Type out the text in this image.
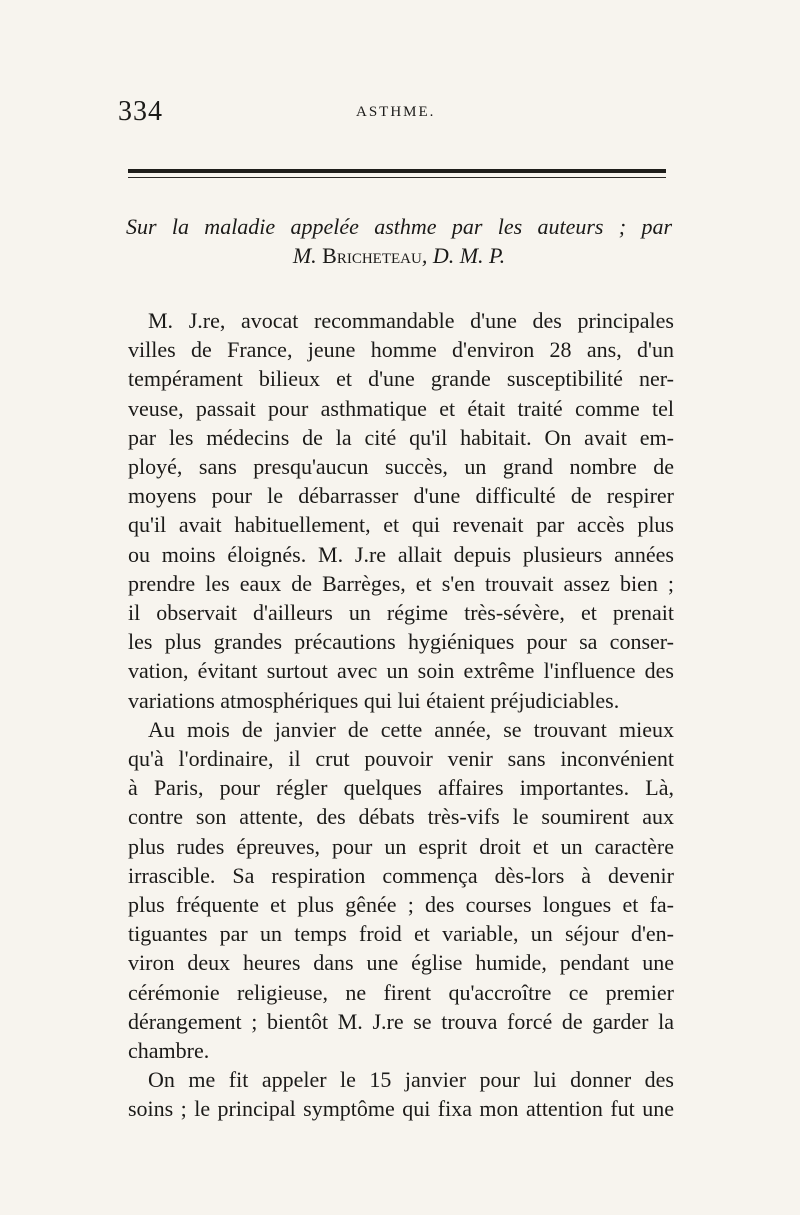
334	ASTHME.
Sur la maladie appelée asthme par les auteurs ; par
M. Bricheteau, D. M. P.

M. J.re, avocat recommandable d'une des principales
villes de France, jeune homme d'environ 28 ans, d'un
tempérament bilieux et d'une grande susceptibilité ner-
veuse, passait pour asthmatique et était traité comme tel
par les médecins de la cité qu'il habitait. On avait em-
ployé, sans presqu'aucun succès, un grand nombre de
moyens pour le débarrasser d'une difficulté de respirer
qu'il avait habituellement, et qui revenait par accès plus
ou moins éloignés. M. J.re allait depuis plusieurs années
prendre les eaux de Barrèges, et s'en trouvait assez bien ;
il observait d'ailleurs un régime très-sévère, et prenait
les plus grandes précautions hygiéniques pour sa conser-
vation, évitant surtout avec un soin extrême l'influence des
variations atmosphériques qui lui étaient préjudiciables.

Au mois de janvier de cette année, se trouvant mieux
qu'à l'ordinaire, il crut pouvoir venir sans inconvénient
à Paris, pour régler quelques affaires importantes. Là,
contre son attente, des débats très-vifs le soumirent aux
plus rudes épreuves, pour un esprit droit et un caractère
irrascible. Sa respiration commença dès-lors à devenir
plus fréquente et plus gênée ; des courses longues et fa-
tiguantes par un temps froid et variable, un séjour d'en-
viron deux heures dans une église humide, pendant une
cérémonie religieuse, ne firent qu'accroître ce premier
dérangement ; bientôt M. J.re se trouva forcé de garder la
chambre.

On me fit appeler le 15 janvier pour lui donner des
soins ; le principal symptôme qui fixa mon attention fut une
